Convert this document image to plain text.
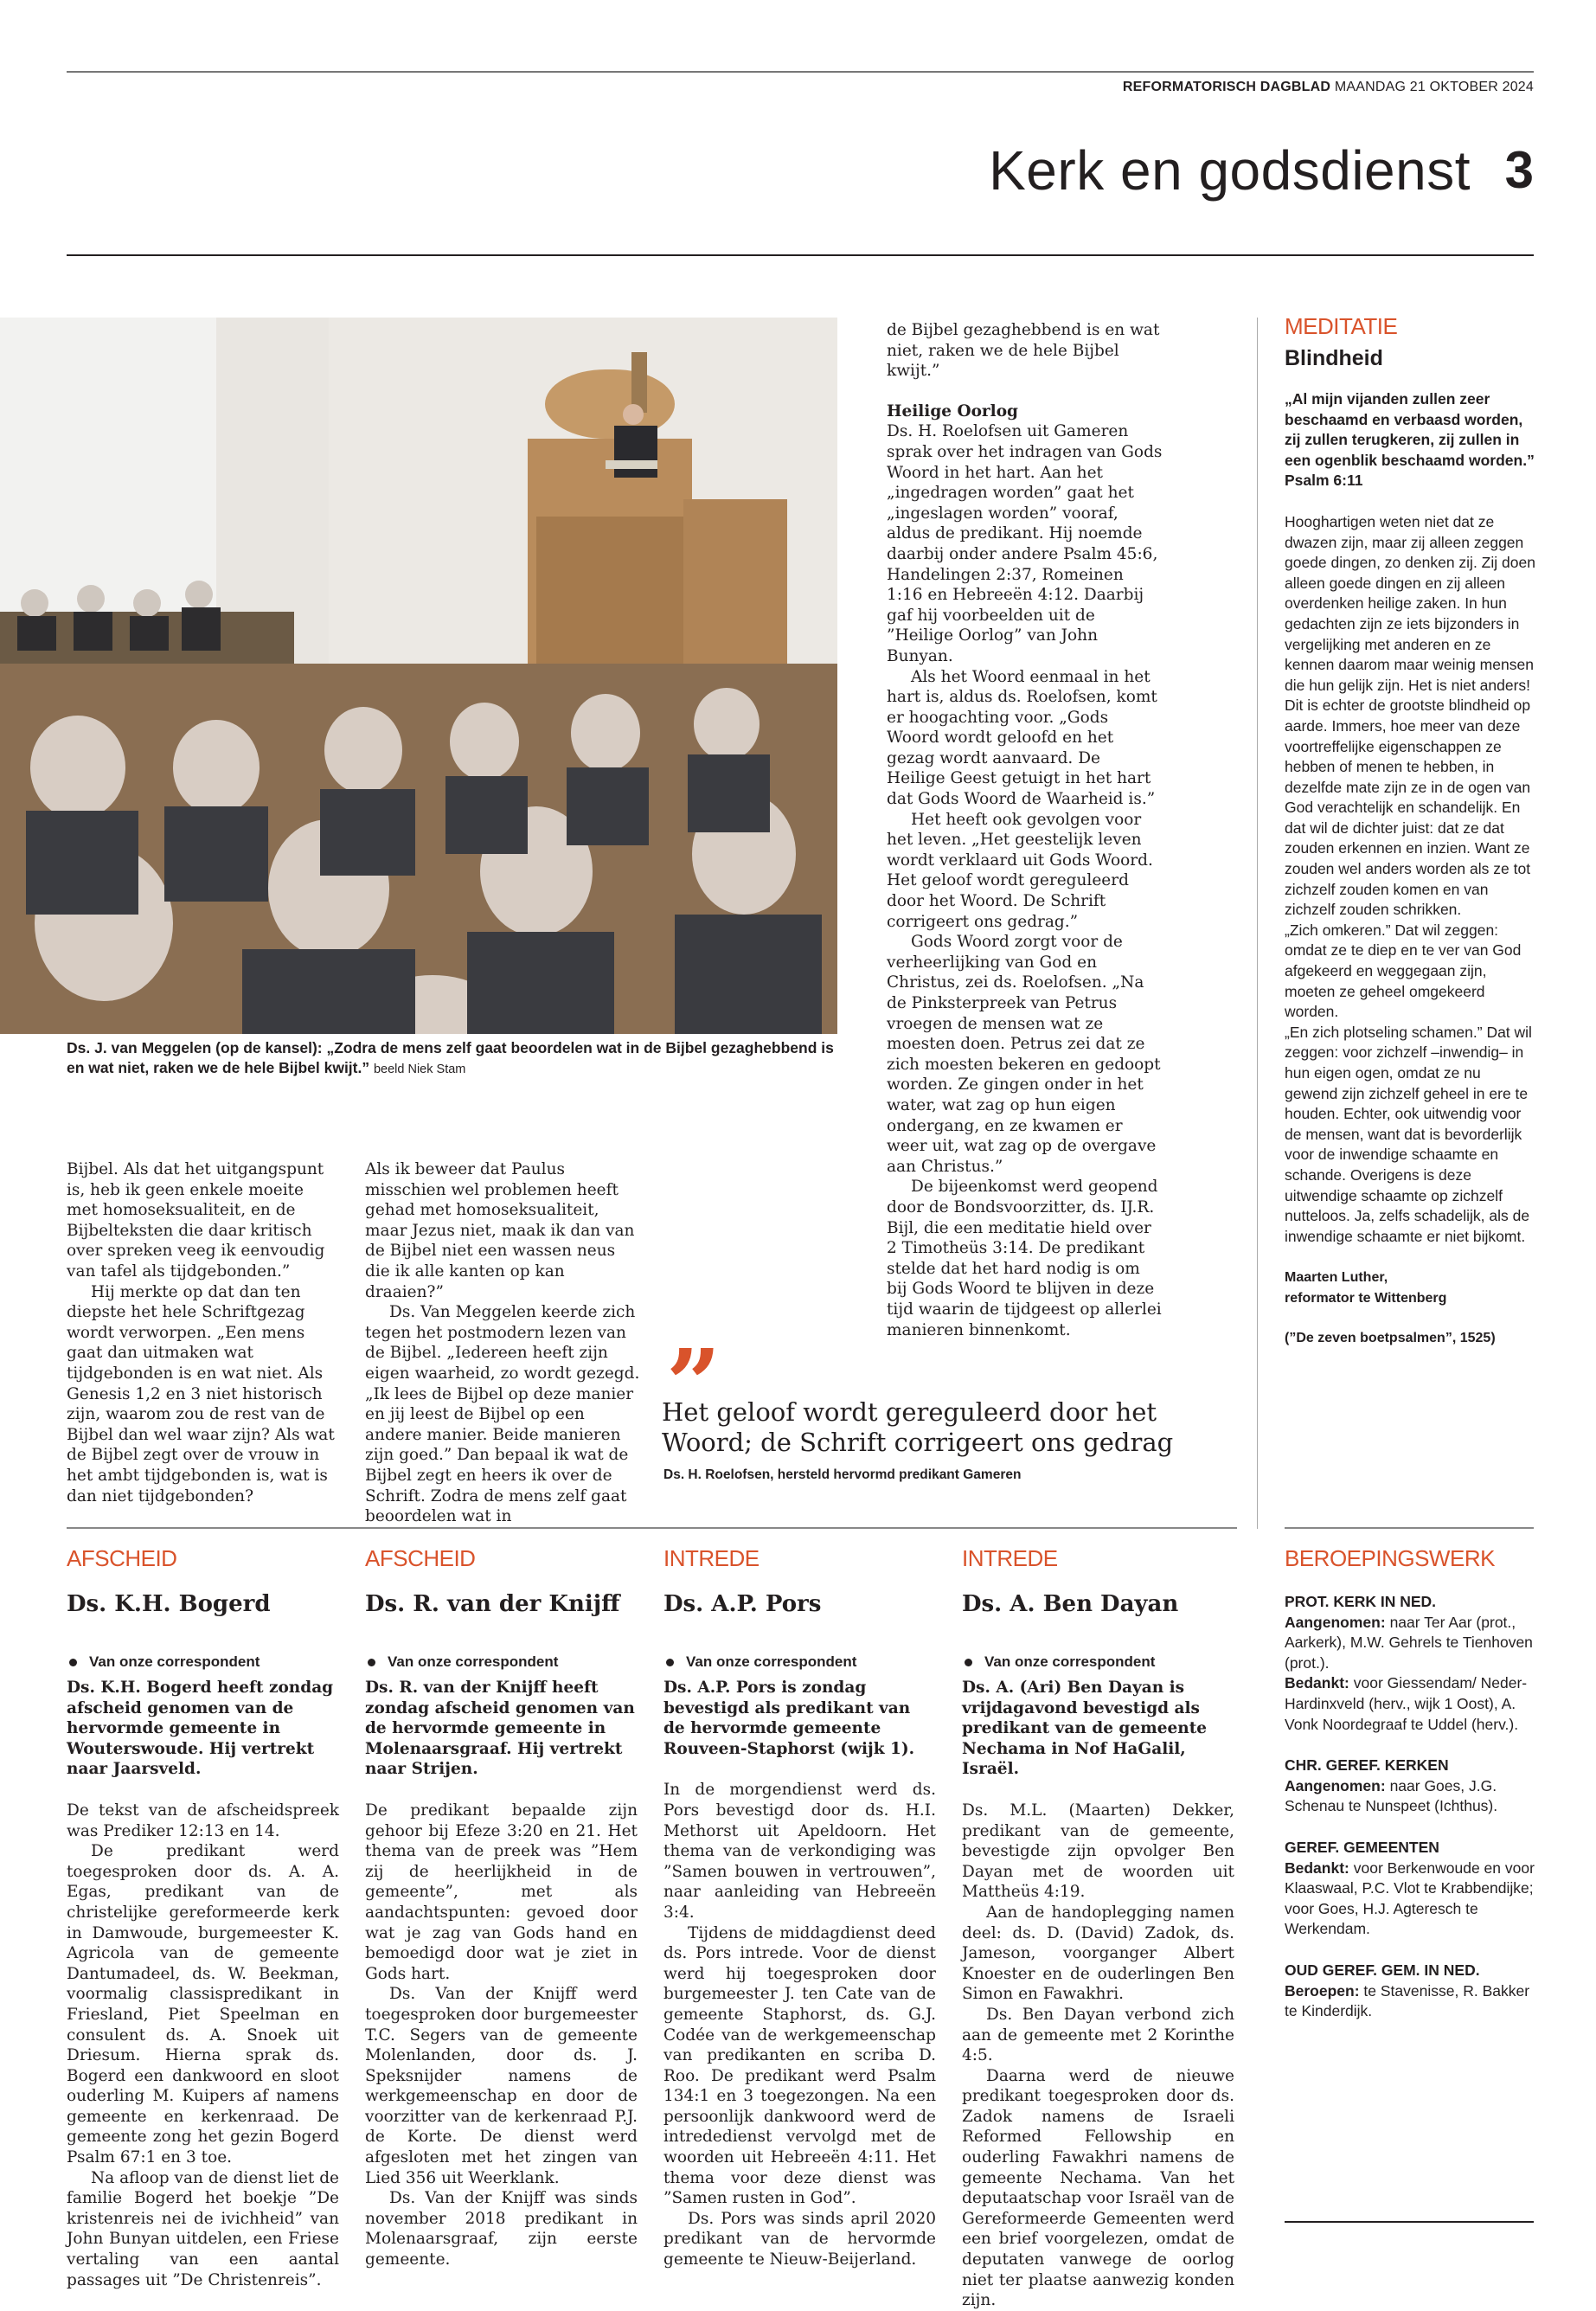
REFORMATORISCH DAGBLAD MAANDAG 21 OKTOBER 2024
Kerk en godsdienst 3
Ds. J. van Meggelen (op de kansel): „Zodra de mens zelf gaat beoordelen wat in de Bijbel gezaghebbend is en wat niet, raken we de hele Bijbel kwijt.” beeld Niek Stam

Bijbel. Als dat het uitgangspunt is, heb ik geen enkele moeite met homoseksualiteit, en de Bijbelteksten die daar kritisch over spreken veeg ik eenvoudig van tafel als tijdgebonden.”

Hij merkte op dat dan ten diepste het hele Schriftgezag wordt verworpen. „Een mens gaat dan uitmaken wat tijdgebonden is en wat niet. Als Genesis 1,2 en 3 niet historisch zijn, waarom zou de rest van de Bijbel dan wel waar zijn? Als wat de Bijbel zegt over de vrouw in het ambt tijdgebonden is, wat is dan niet tijdgebonden?

Als ik beweer dat Paulus misschien wel problemen heeft gehad met homoseksualiteit, maar Jezus niet, maak ik dan van de Bijbel niet een wassen neus die ik alle kanten op kan draaien?”

Ds. Van Meggelen keerde zich tegen het postmodern lezen van de Bijbel. „Iedereen heeft zijn eigen waarheid, zo wordt gezegd. „Ik lees de Bijbel op deze manier en jij leest de Bijbel op een andere manier. Beide manieren zijn goed.” Dan bepaal ik wat de Bijbel zegt en heers ik over de Schrift. Zodra de mens zelf gaat beoordelen wat in

de Bijbel gezaghebbend is en wat niet, raken we de hele Bijbel kwijt.”

Heilige Oorlog

Ds. H. Roelofsen uit Gameren sprak over het indragen van Gods Woord in het hart. Aan het „ingedragen worden” gaat het „ingeslagen worden” vooraf, aldus de predikant. Hij noemde daarbij onder andere Psalm 45:6, Handelingen 2:37, Romeinen 1:16 en Hebreeën 4:12. Daarbij gaf hij voorbeelden uit de ”Heilige Oorlog” van John Bunyan.

Als het Woord eenmaal in het hart is, aldus ds. Roelofsen, komt er hoogachting voor. „Gods Woord wordt geloofd en het gezag wordt aanvaard. De Heilige Geest getuigt in het hart dat Gods Woord de Waarheid is.”

Het heeft ook gevolgen voor het leven. „Het geestelijk leven wordt verklaard uit Gods Woord. Het geloof wordt gereguleerd door het Woord. De Schrift corrigeert ons gedrag.”

Gods Woord zorgt voor de verheerlijking van God en Christus, zei ds. Roelofsen. „Na de Pinksterpreek van Petrus vroegen de mensen wat ze moesten doen. Petrus zei dat ze zich moesten bekeren en gedoopt worden. Ze gingen onder in het water, wat zag op hun eigen ondergang, en ze kwamen er weer uit, wat zag op de overgave aan Christus.”

De bijeenkomst werd geopend door de Bondsvoorzitter, ds. IJ.R. Bijl, die een meditatie hield over 2 Timotheüs 3:14. De predikant stelde dat het hard nodig is om bij Gods Woord te blijven in deze tijd waarin de tijdgeest op allerlei manieren binnenkomt.

”
Het geloof wordt gereguleerd door het Woord; de Schrift corrigeert ons gedrag
Ds. H. Roelofsen, hersteld hervormd predikant Gameren
MEDITATIE
Blindheid
„Al mijn vijanden zullen zeer beschaamd en verbaasd worden, zij zullen terugkeren, zij zullen in een ogenblik beschaamd worden.”
Psalm 6:11
Hooghartigen weten niet dat ze dwazen zijn, maar zij alleen zeggen goede dingen, zo denken zij. Zij doen alleen goede dingen en zij alleen overdenken heilige zaken. In hun gedachten zijn ze iets bijzonders in vergelijking met anderen en ze kennen daarom maar weinig mensen die hun gelijk zijn. Het is niet anders!
Dit is echter de grootste blindheid op aarde. Immers, hoe meer van deze voortreffelijke eigenschappen ze hebben of menen te hebben, in dezelfde mate zijn ze in de ogen van God verachtelijk en schandelijk. En dat wil de dichter juist: dat ze dat zouden erkennen en inzien. Want ze zouden wel anders worden als ze tot zichzelf zouden komen en van zichzelf zouden schrikken.
„Zich omkeren.” Dat wil zeggen: omdat ze te diep en te ver van God afgekeerd en weggegaan zijn, moeten ze geheel omgekeerd worden.
„En zich plotseling schamen.” Dat wil zeggen: voor zichzelf –inwendig– in hun eigen ogen, omdat ze nu gewend zijn zichzelf geheel in ere te houden. Echter, ook uitwendig voor de mensen, want dat is bevorderlijk voor de inwendige schaamte en schande. Overigens is deze uitwendige schaamte op zichzelf nutteloos. Ja, zelfs schadelijk, als de inwendige schaamte er niet bijkomt.
Maarten Luther,
reformator te Wittenberg
(”De zeven boetpsalmen”, 1525)
AFSCHEID
Ds. K.H. Bogerd
Van onze correspondent
Ds. K.H. Bogerd heeft zondag afscheid genomen van de hervormde gemeente in Wouterswoude. Hij vertrekt naar Jaarsveld.

De tekst van de afscheidspreek was Prediker 12:13 en 14.

De predikant werd toegesproken door ds. A. A. Egas, predikant van de christelijke gereformeerde kerk in Damwoude, burgemeester K. Agricola van de gemeente Dantumadeel, ds. W. Beekman, voormalig classispredikant in Friesland, Piet Speelman en consulent ds. A. Snoek uit Driesum. Hierna sprak ds. Bogerd een dankwoord en sloot ouderling M. Kuipers af namens gemeente en kerkenraad. De gemeente zong het gezin Bogerd Psalm 67:1 en 3 toe.

Na afloop van de dienst liet de familie Bogerd het boekje ”De kristenreis nei de ivichheid” van John Bunyan uitdelen, een Friese vertaling van een aantal passages uit ”De Christenreis”.

AFSCHEID
Ds. R. van der Knijff
Van onze correspondent
Ds. R. van der Knijff heeft zondag afscheid genomen van de hervormde gemeente in Molenaarsgraaf. Hij vertrekt naar Strijen.

De predikant bepaalde zijn gehoor bij Efeze 3:20 en 21. Het thema van de preek was ”Hem zij de heerlijkheid in de gemeente”, met als aandachtspunten: gevoed door wat je zag van Gods hand en bemoedigd door wat je ziet in Gods hart.

Ds. Van der Knijff werd toegesproken door burgemeester T.C. Segers van de gemeente Molenlanden, door ds. J. Speksnijder namens de werkgemeenschap en door de voorzitter van de kerkenraad P.J. de Korte. De dienst werd afgesloten met het zingen van Lied 356 uit Weerklank.

Ds. Van der Knijff was sinds november 2018 predikant in Molenaarsgraaf, zijn eerste gemeente.

INTREDE
Ds. A.P. Pors
Van onze correspondent
Ds. A.P. Pors is zondag bevestigd als predikant van de hervormde gemeente Rouveen-Staphorst (wijk 1).

In de morgendienst werd ds. Pors bevestigd door ds. H.I. Methorst uit Apeldoorn. Het thema van de verkondiging was ”Samen bouwen in vertrouwen”, naar aanleiding van Hebreeën 3:4.

Tijdens de middagdienst deed ds. Pors intrede. Voor de dienst werd hij toegesproken door burgemeester J. ten Cate van de gemeente Staphorst, ds. G.J. Codée van de werkgemeenschap van predikanten en scriba D. Roo. De predikant werd Psalm 134:1 en 3 toegezongen. Na een persoonlijk dankwoord werd de intrededienst vervolgd met de woorden uit Hebreeën 4:11. Het thema voor deze dienst was ”Samen rusten in God”.

Ds. Pors was sinds april 2020 predikant van de hervormde gemeente te Nieuw-Beijerland.

INTREDE
Ds. A. Ben Dayan
Van onze correspondent
Ds. A. (Ari) Ben Dayan is vrijdagavond bevestigd als predikant van de gemeente Nechama in Nof HaGalil, Israël.

Ds. M.L. (Maarten) Dekker, predikant van de gemeente, bevestigde zijn opvolger Ben Dayan met de woorden uit Mattheüs 4:19.

Aan de handoplegging namen deel: ds. D. (David) Zadok, ds. Jameson, voorganger Albert Knoester en de ouderlingen Ben Simon en Fawakhri.

Ds. Ben Dayan verbond zich aan de gemeente met 2 Korinthe 4:5.

Daarna werd de nieuwe predikant toegesproken door ds. Zadok namens de Israeli Reformed Fellowship en ouderling Fawakhri namens de gemeente Nechama. Van het deputaatschap voor Israël van de Gereformeerde Gemeenten werd een brief voorgelezen, omdat de deputaten vanwege de oorlog niet ter plaatse aanwezig konden zijn.

BEROEPINGSWERK
PROT. KERK IN NED.
Aangenomen: naar Ter Aar (prot., Aarkerk), M.W. Gehrels te Tienhoven (prot.).
Bedankt: voor Giessendam/ Neder-Hardinxveld (herv., wijk 1 Oost), A. Vonk Noordegraaf te Uddel (herv.).
CHR. GEREF. KERKEN
Aangenomen: naar Goes, J.G. Schenau te Nunspeet (Ichthus).
GEREF. GEMEENTEN
Bedankt: voor Berkenwoude en voor Klaaswaal, P.C. Vlot te Krabbendijke; voor Goes, H.J. Agteresch te Werkendam.
OUD GEREF. GEM. IN NED.
Beroepen: te Stavenisse, R. Bakker te Kinderdijk.
